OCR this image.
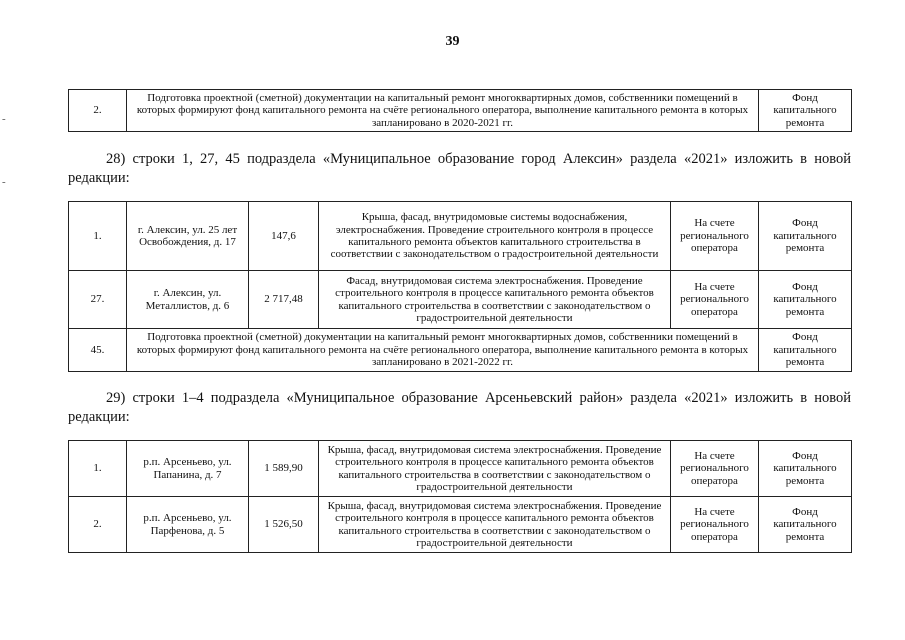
39
-
-
2.	Подготовка проектной (сметной) документации на капитальный ремонт многоквартирных домов, собственники помещений в которых формируют фонд капитального ремонта на счёте регионального оператора, выполнение капитального ремонта в которых запланировано в 2020-2021 гг.	Фонд капитального ремонта
28) строки 1, 27, 45 подраздела «Муниципальное образование город Алексин» раздела «2021» изложить в новой редакции:
1.	г. Алексин, ул. 25 лет Освобождения, д. 17	147,6	Крыша, фасад, внутридомовые системы водоснабжения, электроснабжения. Проведение строительного контроля в процессе капитального ремонта объектов капитального строительства в соответствии с законодательством о градостроительной деятельности	На счете регионального оператора	Фонд капитального ремонта
27.	г. Алексин, ул. Металлистов, д. 6	2 717,48	Фасад, внутридомовая система электроснабжения. Проведение строительного контроля в процессе капитального ремонта объектов капитального строительства в соответствии с законодательством о градостроительной деятельности	На счете регионального оператора	Фонд капитального ремонта
45.	Подготовка проектной (сметной) документации на капитальный ремонт многоквартирных домов, собственники помещений в которых формируют фонд капитального ремонта на счёте регионального оператора, выполнение капитального ремонта в которых запланировано в 2021-2022 гг.				Фонд капитального ремонта
29) строки 1–4 подраздела «Муниципальное образование Арсеньевский район» раздела «2021» изложить в новой редакции:
1.	р.п. Арсеньево, ул. Папанина, д. 7	1 589,90	Крыша, фасад, внутридомовая система электроснабжения. Проведение строительного контроля в процессе капитального ремонта объектов капитального строительства в соответствии с законодательством о градостроительной деятельности	На счете регионального оператора	Фонд капитального ремонта
2.	р.п. Арсеньево, ул. Парфенова, д. 5	1 526,50	Крыша, фасад, внутридомовая система электроснабжения. Проведение строительного контроля в процессе капитального ремонта объектов капитального строительства в соответствии с законодательством о градостроительной деятельности	На счете регионального оператора	Фонд капитального ремонта
